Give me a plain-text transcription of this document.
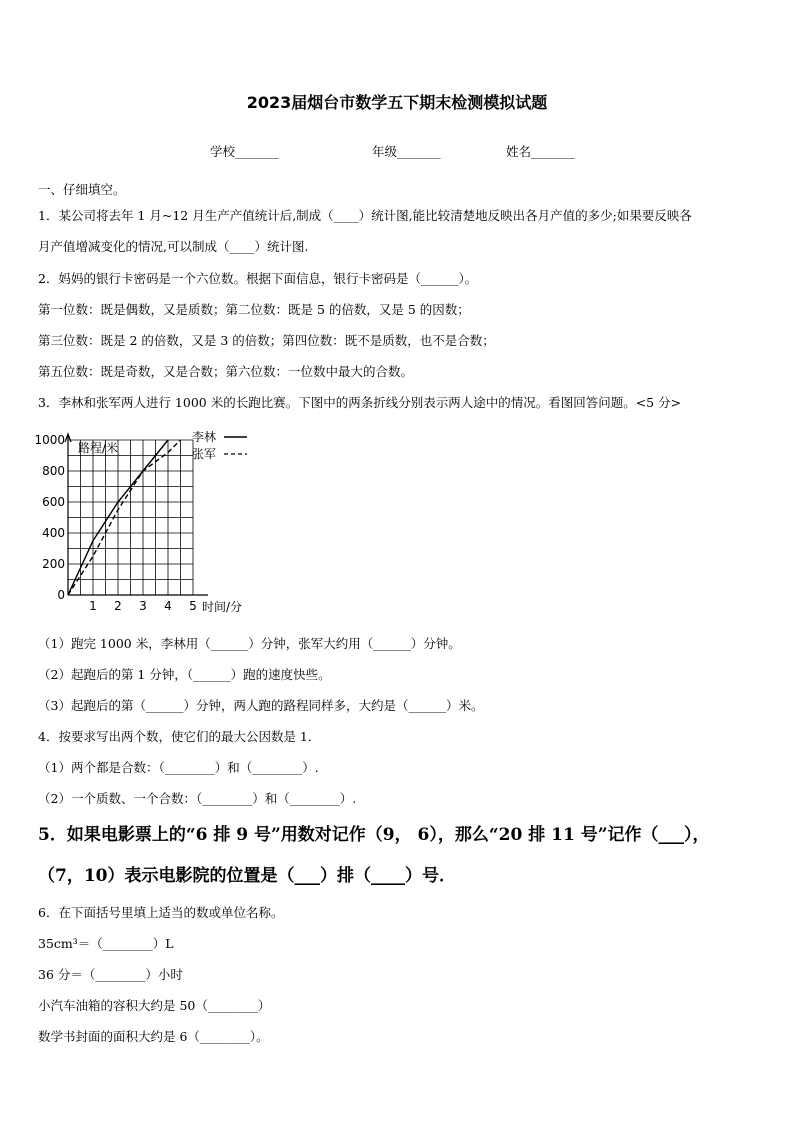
2023届烟台市数学五下期末检测模拟试题
学校_______	年级_______	姓名_______
一、仔细填空。
1．某公司将去年 1 月~12 月生产产值统计后,制成（____）统计图,能比较清楚地反映出各月产值的多少;如果要反映各
月产值增减变化的情况,可以制成（____）统计图.
2．妈妈的银行卡密码是一个六位数。根据下面信息，银行卡密码是（______）。
第一位数：既是偶数，又是质数；第二位数：既是 5 的倍数，又是 5 的因数；
第三位数：既是 2 的倍数，又是 3 的倍数；第四位数：既不是质数，也不是合数；
第五位数：既是奇数，又是合数；第六位数：一位数中最大的合数。
3．李林和张军两人进行 1000 米的长跑比赛。下图中的两条折线分别表示两人途中的情况。看图回答问题。<5 分>
1 2 3 4 5
0
200
400
600
800
1000
路程/米
时间/分
李林
张军
（1）跑完 1000 米，李林用（______）分钟，张军大约用（______）分钟。
（2）起跑后的第 1 分钟，（______）跑的速度快些。
（3）起跑后的第（______）分钟，两人跑的路程同样多，大约是（______）米。
4．按要求写出两个数，使它们的最大公因数是 1．
（1）两个都是合数：（________）和（________）.
（2）一个质数、一个合数：（________）和（________）.
5．如果电影票上的“6 排 9 号”用数对记作（9， 6），那么“20 排 11 号”记作（___），
（7，10）表示电影院的位置是（___）排（____）号．
6．在下面括号里填上适当的数或单位名称。
35cm³＝（________）L
36 分＝（________）小时
小汽车油箱的容积大约是 50（________）
数学书封面的面积大约是 6（________）。
